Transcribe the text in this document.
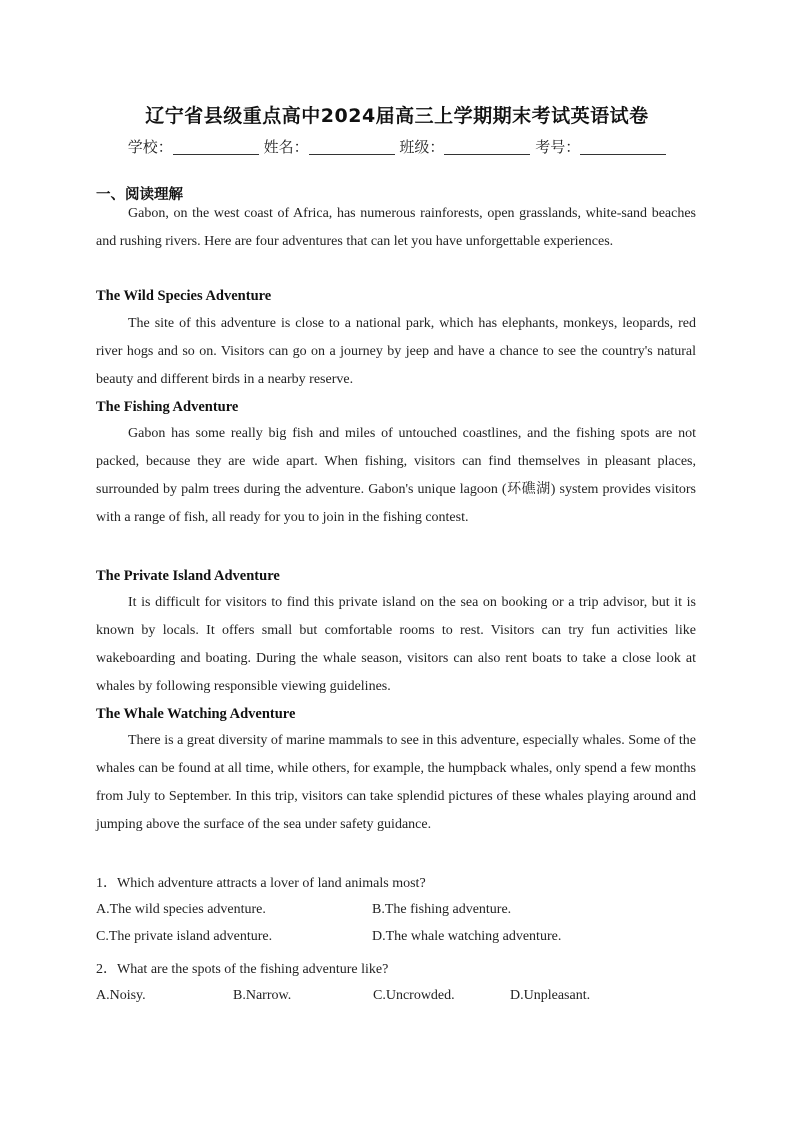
辽宁省县级重点高中2024届高三上学期期末考试英语试卷
学校：	姓名：	班级：	考号：
一、阅读理解

Gabon, on the west coast of Africa, has numerous rainforests, open grasslands, white-sand beaches and rushing rivers. Here are four adventures that can let you have unforgettable experiences.

The Wild Species Adventure

The site of this adventure is close to a national park, which has elephants, monkeys, leopards, red river hogs and so on. Visitors can go on a journey by jeep and have a chance to see the country's natural beauty and different birds in a nearby reserve.

The Fishing Adventure

Gabon has some really big fish and miles of untouched coastlines, and the fishing spots are not packed, because they are wide apart. When fishing, visitors can find themselves in pleasant places, surrounded by palm trees during the adventure. Gabon's unique lagoon (环礁湖) system provides visitors with a range of fish, all ready for you to join in the fishing contest.

The Private Island Adventure

It is difficult for visitors to find this private island on the sea on booking or a trip advisor, but it is known by locals. It offers small but comfortable rooms to rest. Visitors can try fun activities like wakeboarding and boating. During the whale season, visitors can also rent boats to take a close look at whales by following responsible viewing guidelines.

The Whale Watching Adventure

There is a great diversity of marine mammals to see in this adventure, especially whales. Some of the whales can be found at all time, while others, for example, the humpback whales, only spend a few months from July to September. In this trip, visitors can take splendid pictures of these whales playing around and jumping above the surface of the sea under safety guidance.

1．Which adventure attracts a lover of land animals most?

A.The wild species adventure.	B.The fishing adventure.

C.The private island adventure.	D.The whale watching adventure.

2．What are the spots of the fishing adventure like?

A.Noisy.	B.Narrow.	C.Uncrowded.	D.Unpleasant.
